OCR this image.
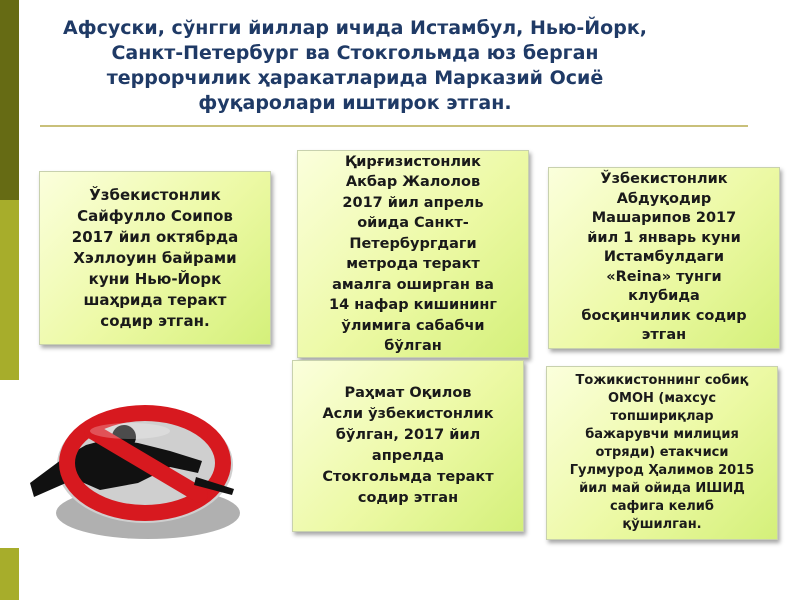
Афсуски, сўнгги йиллар ичида Истамбул, Нью-Йорк,
Санкт-Петербург ва Стокгольмда юз берган
террорчилик ҳаракатларида Марказий Осиё
фуқаролари иштирок этган.
Ўзбекистонлик
Сайфулло Соипов
2017 йил октябрда
Хэллоуин байрами
куни Нью-Йорк
шаҳрида теракт
содир этган.
Қирғизистонлик
Акбар Жалолов
2017 йил апрель
ойида Санкт-
Петербургдаги
метрода теракт
амалга оширган ва
14 нафар кишининг
ўлимига сабабчи
бўлган
Ўзбекистонлик
Абдуқодир
Машарипов 2017
йил 1 январь куни
Истамбулдаги
«Reina» тунги
клубида
босқинчилик содир
этган
Раҳмат Оқилов
Асли ўзбекистонлик
бўлган, 2017 йил
апрелда
Стокгольмда теракт
содир этган
Тожикистоннинг собиқ
ОМОН (махсус
топшириқлар
бажарувчи милиция
отряди) етакчиси
Гулмурод Ҳалимов 2015
йил май ойида ИШИД
сафига келиб
қўшилган.
